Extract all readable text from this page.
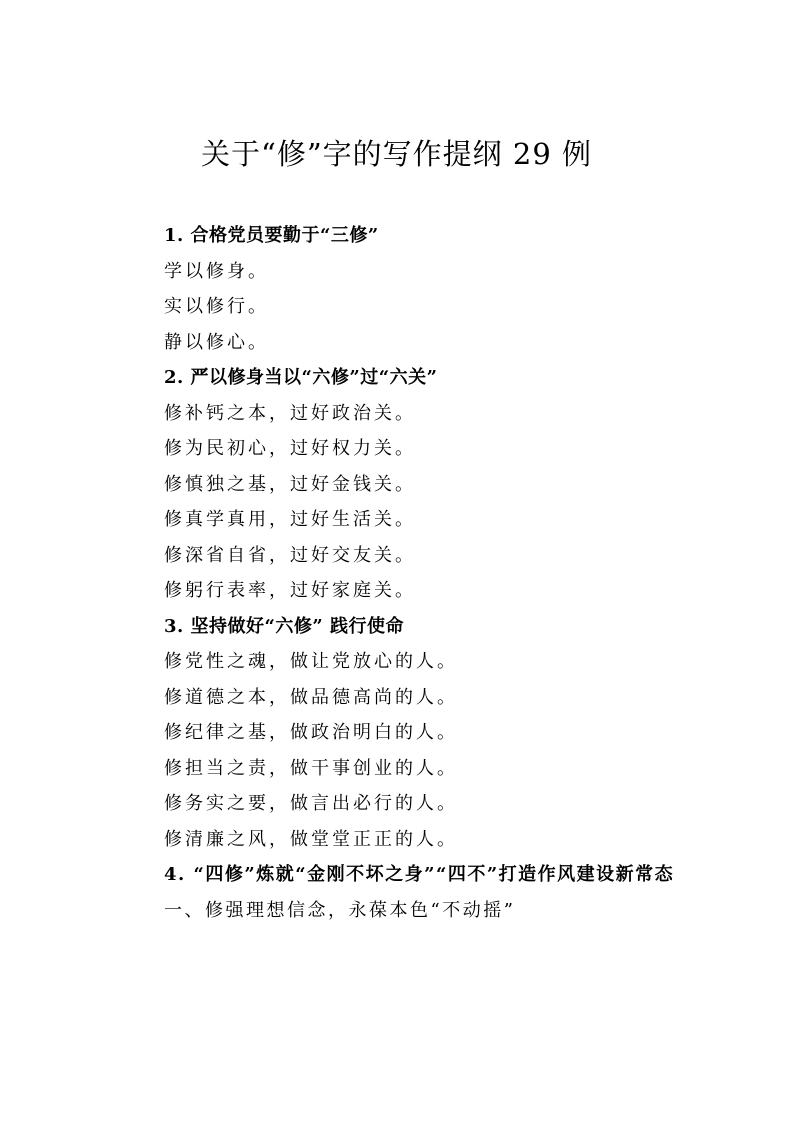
关于“修”字的写作提纲 29 例
1. 合格党员要勤于“三修”
学以修身。
实以修行。
静以修心。
2. 严以修身当以“六修”过“六关”
修补钙之本，过好政治关。
修为民初心，过好权力关。
修慎独之基，过好金钱关。
修真学真用，过好生活关。
修深省自省，过好交友关。
修躬行表率，过好家庭关。
3. 坚持做好“六修” 践行使命
修党性之魂，做让党放心的人。
修道德之本，做品德高尚的人。
修纪律之基，做政治明白的人。
修担当之责，做干事创业的人。
修务实之要，做言出必行的人。
修清廉之风，做堂堂正正的人。
4. “四修”炼就“金刚不坏之身”“四不”打造作风建设新常态
一、修强理想信念，永葆本色“不动摇”
